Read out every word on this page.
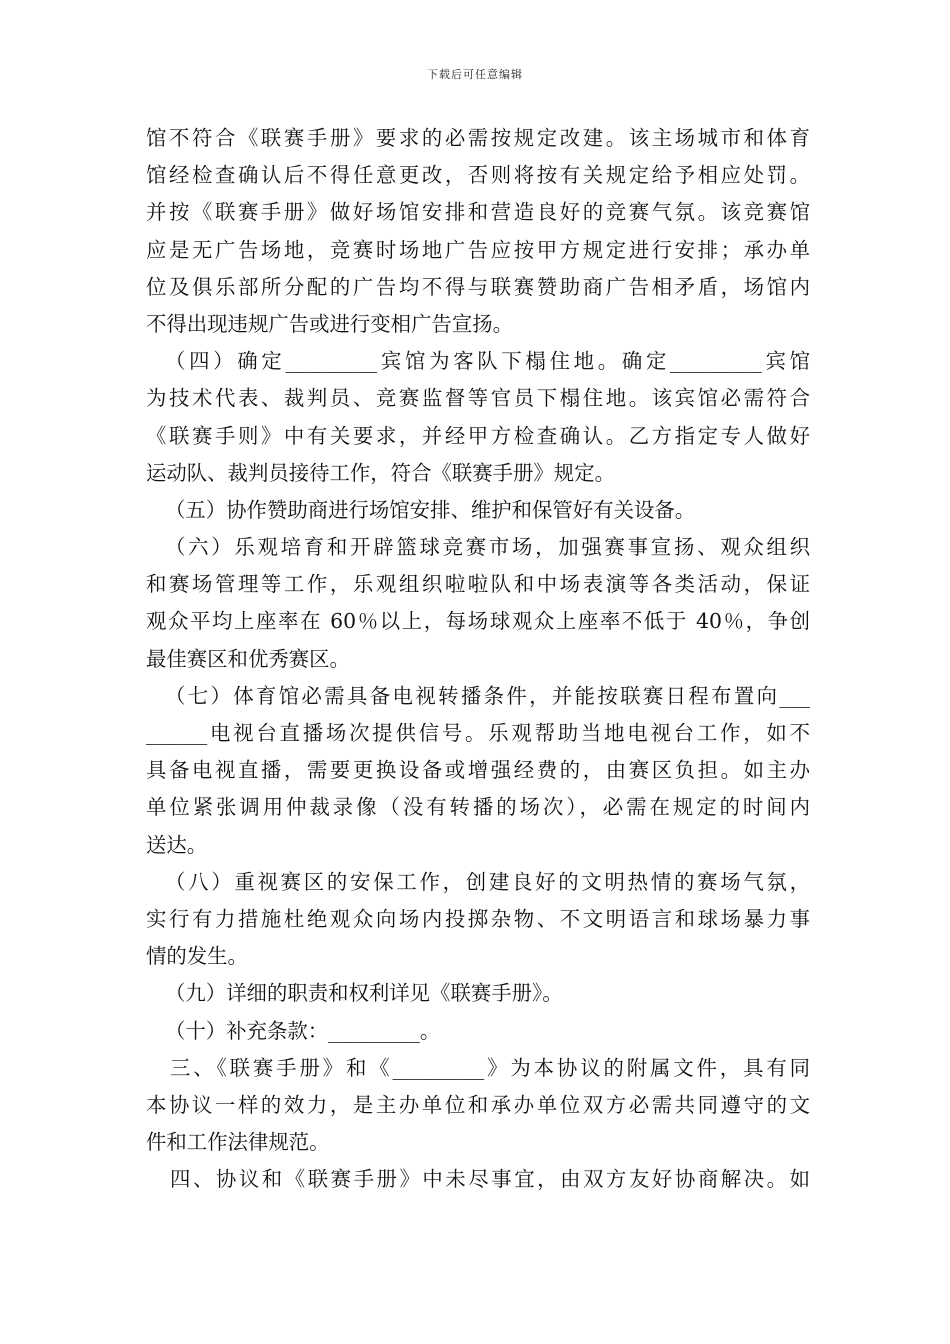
下载后可任意编辑
馆不符合《联赛手册》要求的必需按规定改建。该主场城市和体育
馆经检查确认后不得任意更改，否则将按有关规定给予相应处罚。
并按《联赛手册》做好场馆安排和营造良好的竞赛气氛。该竞赛馆
应是无广告场地，竞赛时场地广告应按甲方规定进行安排；承办单
位及俱乐部所分配的广告均不得与联赛赞助商广告相矛盾，场馆内
不得出现违规广告或进行变相广告宣扬。
（四）确定_________宾馆为客队下榻住地。确定_________宾馆
为技术代表、裁判员、竞赛监督等官员下榻住地。该宾馆必需符合
《联赛手则》中有关要求，并经甲方检查确认。乙方指定专人做好
运动队、裁判员接待工作，符合《联赛手册》规定。
（五）协作赞助商进行场馆安排、维护和保管好有关设备。
（六）乐观培育和开辟篮球竞赛市场，加强赛事宣扬、观众组织
和赛场管理等工作，乐观组织啦啦队和中场表演等各类活动，保证
观众平均上座率在 60％以上，每场球观众上座率不低于 40％，争创
最佳赛区和优秀赛区。
（七）体育馆必需具备电视转播条件，并能按联赛日程布置向___
______电视台直播场次提供信号。乐观帮助当地电视台工作，如不
具备电视直播，需要更换设备或增强经费的，由赛区负担。如主办
单位紧张调用仲裁录像（没有转播的场次），必需在规定的时间内
送达。
（八）重视赛区的安保工作，创建良好的文明热情的赛场气氛，
实行有力措施杜绝观众向场内投掷杂物、不文明语言和球场暴力事
情的发生。
（九）详细的职责和权利详见《联赛手册》。
（十）补充条款：_________。
三、《联赛手册》和《_________》为本协议的附属文件，具有同
本协议一样的效力，是主办单位和承办单位双方必需共同遵守的文
件和工作法律规范。
四、协议和《联赛手册》中未尽事宜，由双方友好协商解决。如
